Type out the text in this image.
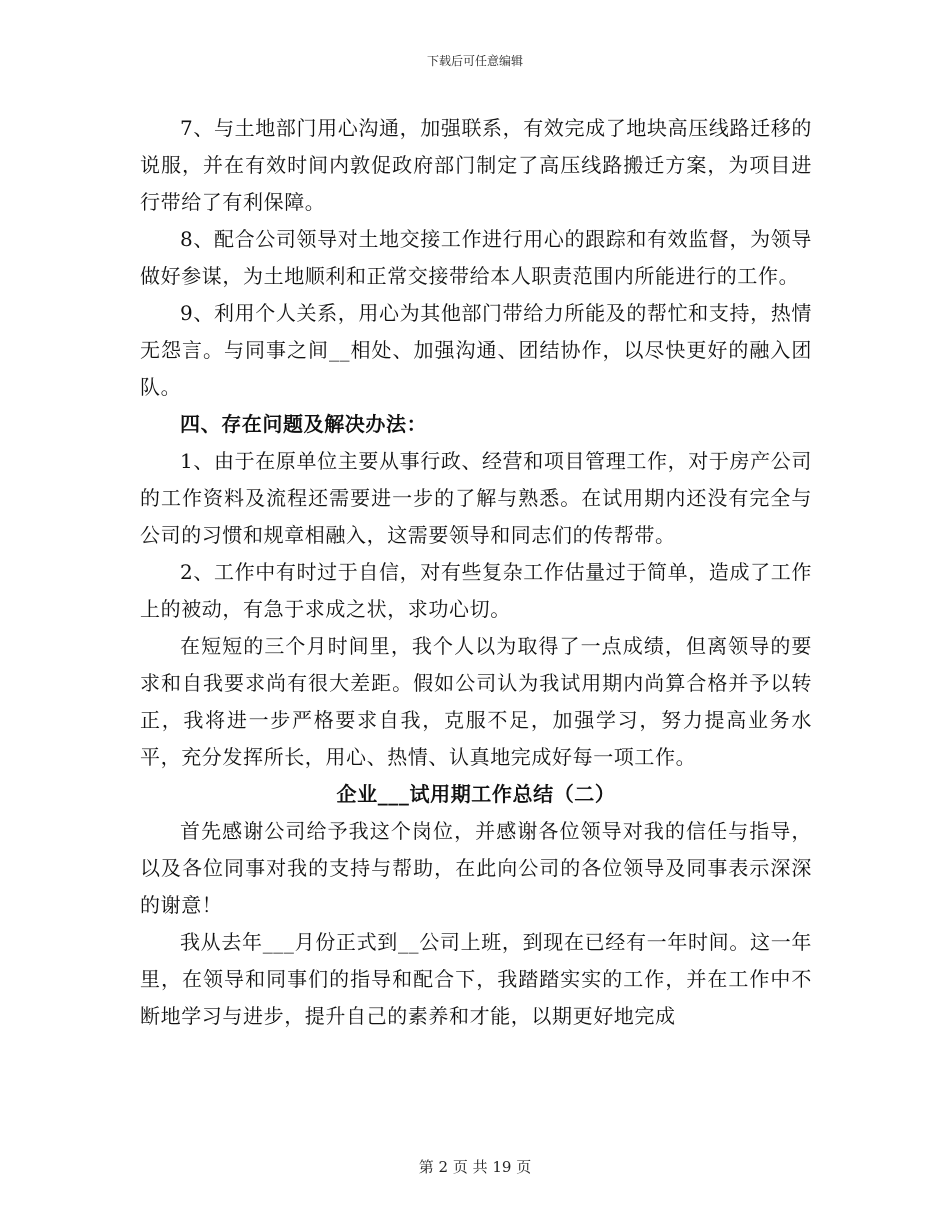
下载后可任意编辑

7、与土地部门用心沟通，加强联系，有效完成了地块高压线路迁移的说服，并在有效时间内敦促政府部门制定了高压线路搬迁方案，为项目进行带给了有利保障。

8、配合公司领导对土地交接工作进行用心的跟踪和有效监督，为领导做好参谋，为土地顺利和正常交接带给本人职责范围内所能进行的工作。

9、利用个人关系，用心为其他部门带给力所能及的帮忙和支持，热情无怨言。与同事之间__相处、加强沟通、团结协作，以尽快更好的融入团队。

四、存在问题及解决办法：

1、由于在原单位主要从事行政、经营和项目管理工作，对于房产公司的工作资料及流程还需要进一步的了解与熟悉。在试用期内还没有完全与公司的习惯和规章相融入，这需要领导和同志们的传帮带。

2、工作中有时过于自信，对有些复杂工作估量过于简单，造成了工作上的被动，有急于求成之状，求功心切。

在短短的三个月时间里，我个人以为取得了一点成绩，但离领导的要求和自我要求尚有很大差距。假如公司认为我试用期内尚算合格并予以转正，我将进一步严格要求自我，克服不足，加强学习，努力提高业务水平，充分发挥所长，用心、热情、认真地完成好每一项工作。

企业___试用期工作总结（二）

首先感谢公司给予我这个岗位，并感谢各位领导对我的信任与指导，以及各位同事对我的支持与帮助，在此向公司的各位领导及同事表示深深的谢意！

我从去年___月份正式到__公司上班，到现在已经有一年时间。这一年里，在领导和同事们的指导和配合下，我踏踏实实的工作，并在工作中不断地学习与进步，提升自己的素养和才能，以期更好地完成

第 2 页 共 19 页
